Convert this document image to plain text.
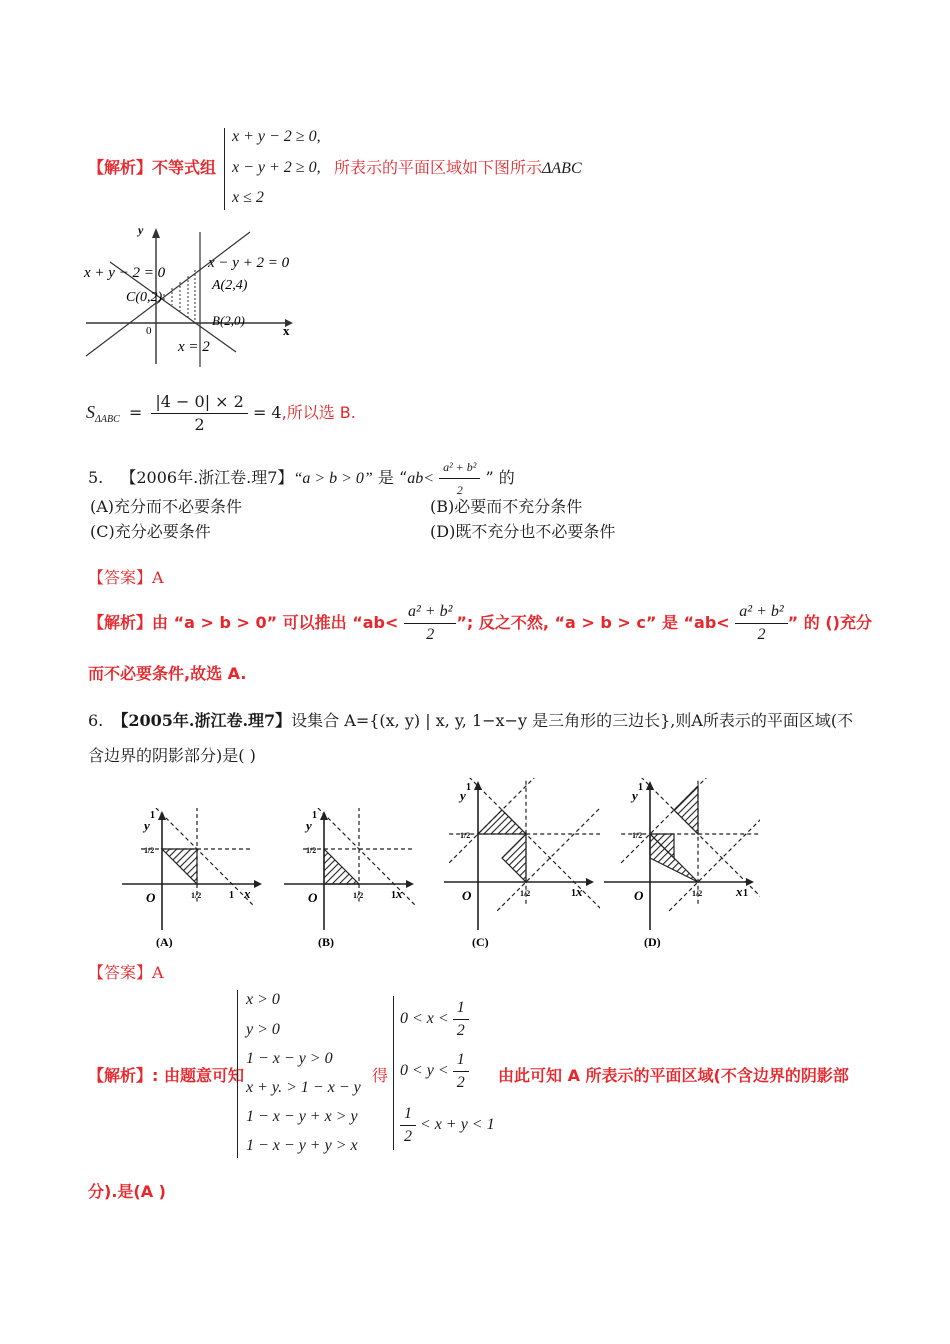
【解析】不等式组
x + y − 2 ≥ 0,
x − y + 2 ≥ 0,
x ≤ 2
所表示的平面区域如下图所示ΔABC
y
x
0
x + y − 2 = 0
x − y + 2 = 0
C(0,2)
A(2,4)
B(2,0)
x = 2
$S_{\Delta ABC} = \frac{|4 - 0| \times 2}{2} = 4$,所以选 B.
5. 【2006年.浙江卷.理7】“a > b > 0” 是 “$ab< \frac{\text{a² + b²}}{2}$ ” 的
(A)充分而不必要条件	(B)必要而不充分条件
(C)充分必要条件	(D)既不充分也不必要条件
【答案】A
【解析】由 “a > b > 0” 可以推出 “$ab< \frac{\text{a² + b²}}{2}$ ”; 反之不然, “a > b > c” 是 “$ab< \frac{\text{a² + b²}}{2}$ ” 的 ()充分
而不必要条件,故选 A.
6. 【2005年.浙江卷.理7】设集合 A={(x, y) | x, y, 1−x−y 是三角形的三边长},则A所表示的平面区域(不
含边界的阴影部分)是( )
y
x
O
1
1
1/2
1/2
(A)
y
x
O
1
1
1/2
1/2
(B)
y
x
O
1
1
1/2
1/2
(C)
y
x
O
1
1
1/2
1/2
(D)
【答案】A
【解析】: 由题意可知
x > 0
y > 0
1 − x − y > 0
x + y. > 1 − x − y
1 − x − y + x > y
1 − x − y + y > x
得
$0 < x < \frac{1}{2}$
$0 < y < \frac{1}{2}$
$\frac{1}{2} < x + y < 1$
由此可知 A 所表示的平面区域(不含边界的阴影部
分).是(A )
